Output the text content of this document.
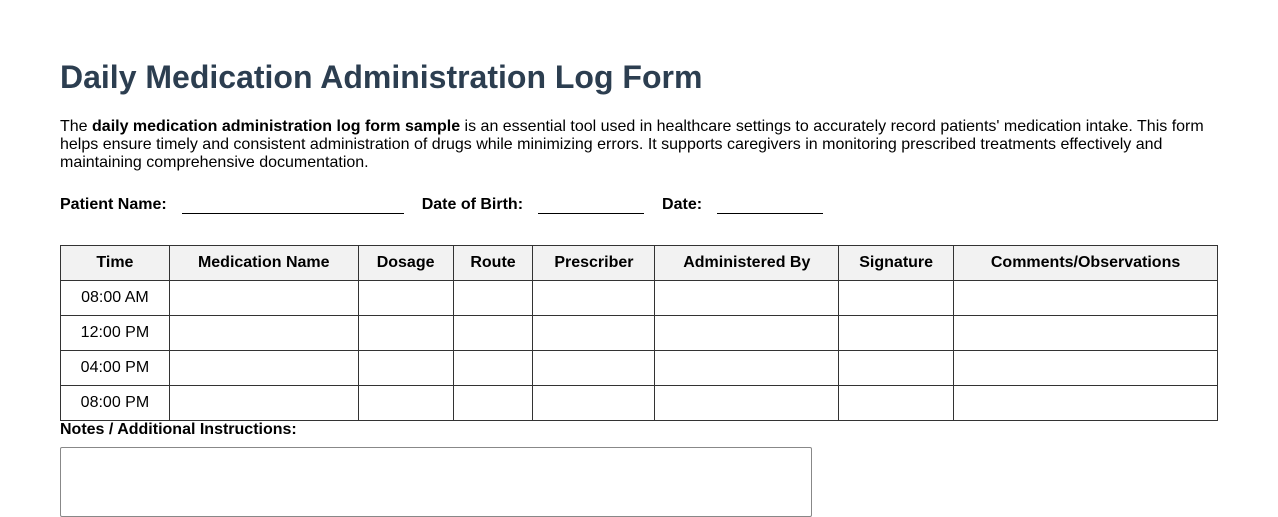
Daily Medication Administration Log Form

The daily medication administration log form sample is an essential tool used in healthcare settings to accurately record patients' medication intake. This form helps ensure timely and consistent administration of drugs while minimizing errors. It supports caregivers in monitoring prescribed treatments effectively and maintaining comprehensive documentation.

Patient Name:	Date of Birth:	Date:
Time	Medication Name	Dosage	Route	Prescriber	Administered By	Signature	Comments/Observations
08:00 AM							
12:00 PM							
04:00 PM							
08:00 PM							
Notes / Additional Instructions:
